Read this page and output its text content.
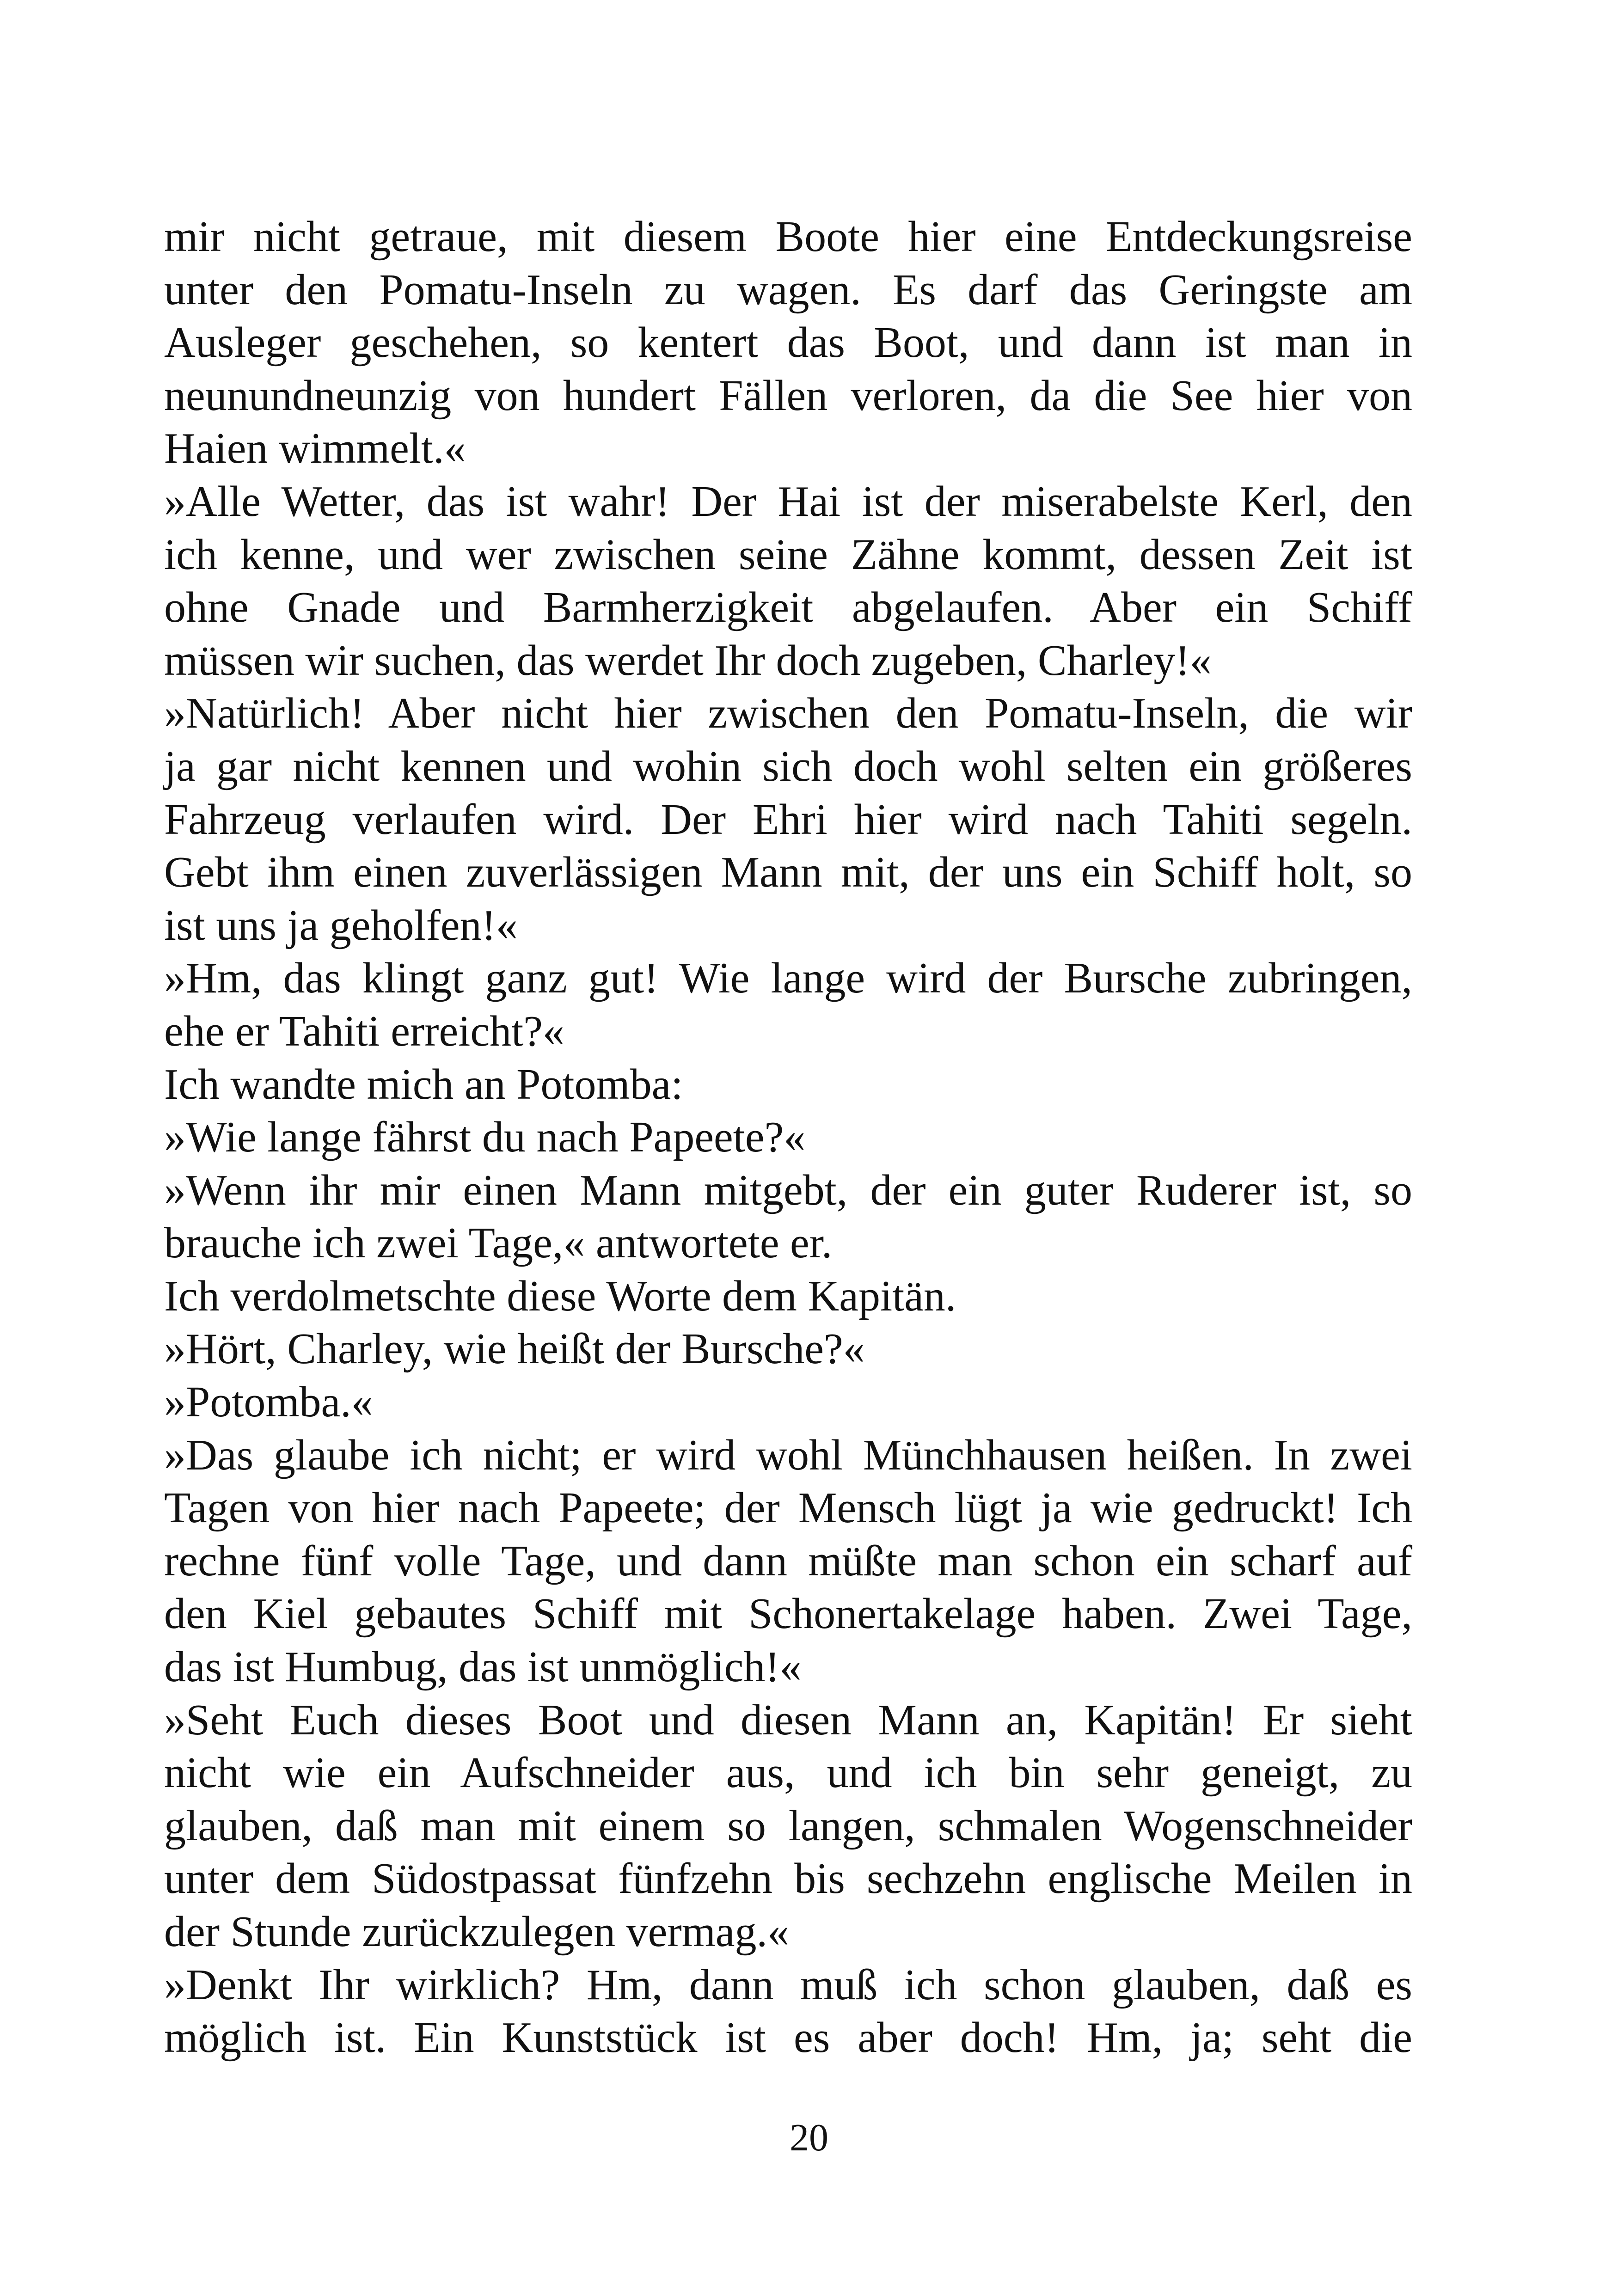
mir nicht getraue, mit diesem Boote hier eine Entdeckungsreise
unter den Pomatu-Inseln zu wagen. Es darf das Geringste am
Ausleger geschehen, so kentert das Boot, und dann ist man in
neunundneunzig von hundert Fällen verloren, da die See hier von
Haien wimmelt.«
»Alle Wetter, das ist wahr! Der Hai ist der miserabelste Kerl, den
ich kenne, und wer zwischen seine Zähne kommt, dessen Zeit ist
ohne Gnade und Barmherzigkeit abgelaufen. Aber ein Schiff
müssen wir suchen, das werdet Ihr doch zugeben, Charley!«
»Natürlich! Aber nicht hier zwischen den Pomatu-Inseln, die wir
ja gar nicht kennen und wohin sich doch wohl selten ein größeres
Fahrzeug verlaufen wird. Der Ehri hier wird nach Tahiti segeln.
Gebt ihm einen zuverlässigen Mann mit, der uns ein Schiff holt, so
ist uns ja geholfen!«
»Hm, das klingt ganz gut! Wie lange wird der Bursche zubringen,
ehe er Tahiti erreicht?«
Ich wandte mich an Potomba:
»Wie lange fährst du nach Papeete?«
»Wenn ihr mir einen Mann mitgebt, der ein guter Ruderer ist, so
brauche ich zwei Tage,« antwortete er.
Ich verdolmetschte diese Worte dem Kapitän.
»Hört, Charley, wie heißt der Bursche?«
»Potomba.«
»Das glaube ich nicht; er wird wohl Münchhausen heißen. In zwei
Tagen von hier nach Papeete; der Mensch lügt ja wie gedruckt! Ich
rechne fünf volle Tage, und dann müßte man schon ein scharf auf
den Kiel gebautes Schiff mit Schonertakelage haben. Zwei Tage,
das ist Humbug, das ist unmöglich!«
»Seht Euch dieses Boot und diesen Mann an, Kapitän! Er sieht
nicht wie ein Aufschneider aus, und ich bin sehr geneigt, zu
glauben, daß man mit einem so langen, schmalen Wogenschneider
unter dem Südostpassat fünfzehn bis sechzehn englische Meilen in
der Stunde zurückzulegen vermag.«
»Denkt Ihr wirklich? Hm, dann muß ich schon glauben, daß es
möglich ist. Ein Kunststück ist es aber doch! Hm, ja; seht die
20
